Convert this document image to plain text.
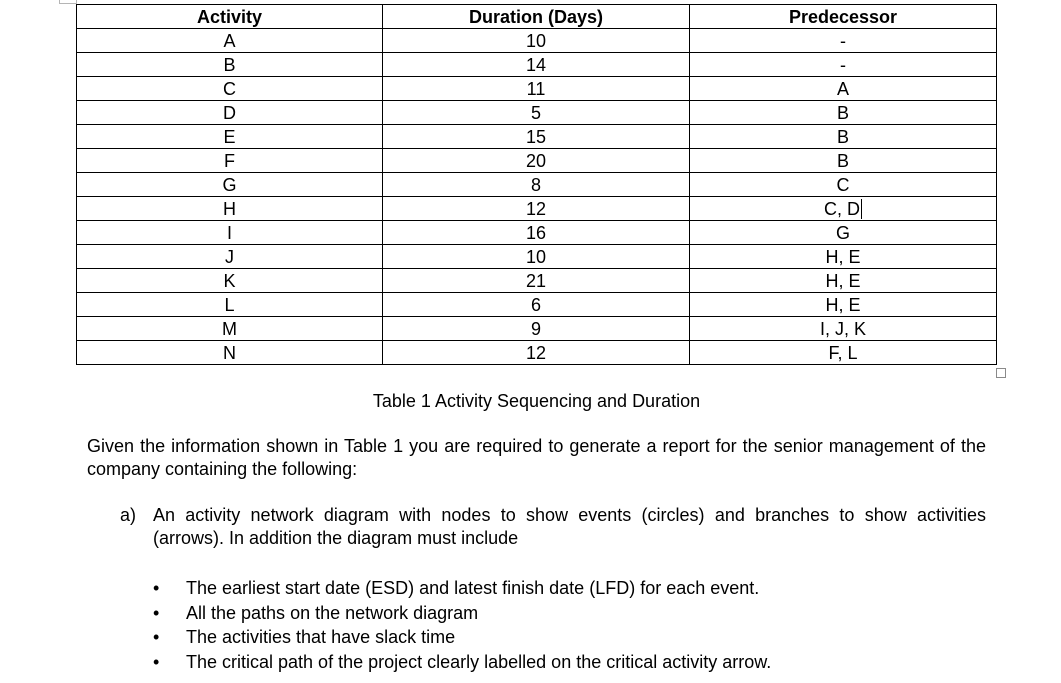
Activity	Duration (Days)	Predecessor
A	10	-
B	14	-
C	11	A
D	5	B
E	15	B
F	20	B
G	8	C
H	12	C, D
I	16	G
J	10	H, E
K	21	H, E
L	6	H, E
M	9	I, J, K
N	12	F, L
Table 1 Activity Sequencing and Duration
Given the information shown in Table 1 you are required to generate a report for the senior management of the company containing the following:
a) An activity network diagram with nodes to show events (circles) and branches to show activities (arrows). In addition the diagram must include
• The earliest start date (ESD) and latest finish date (LFD) for each event.
• All the paths on the network diagram
• The activities that have slack time
• The critical path of the project clearly labelled on the critical activity arrow.
